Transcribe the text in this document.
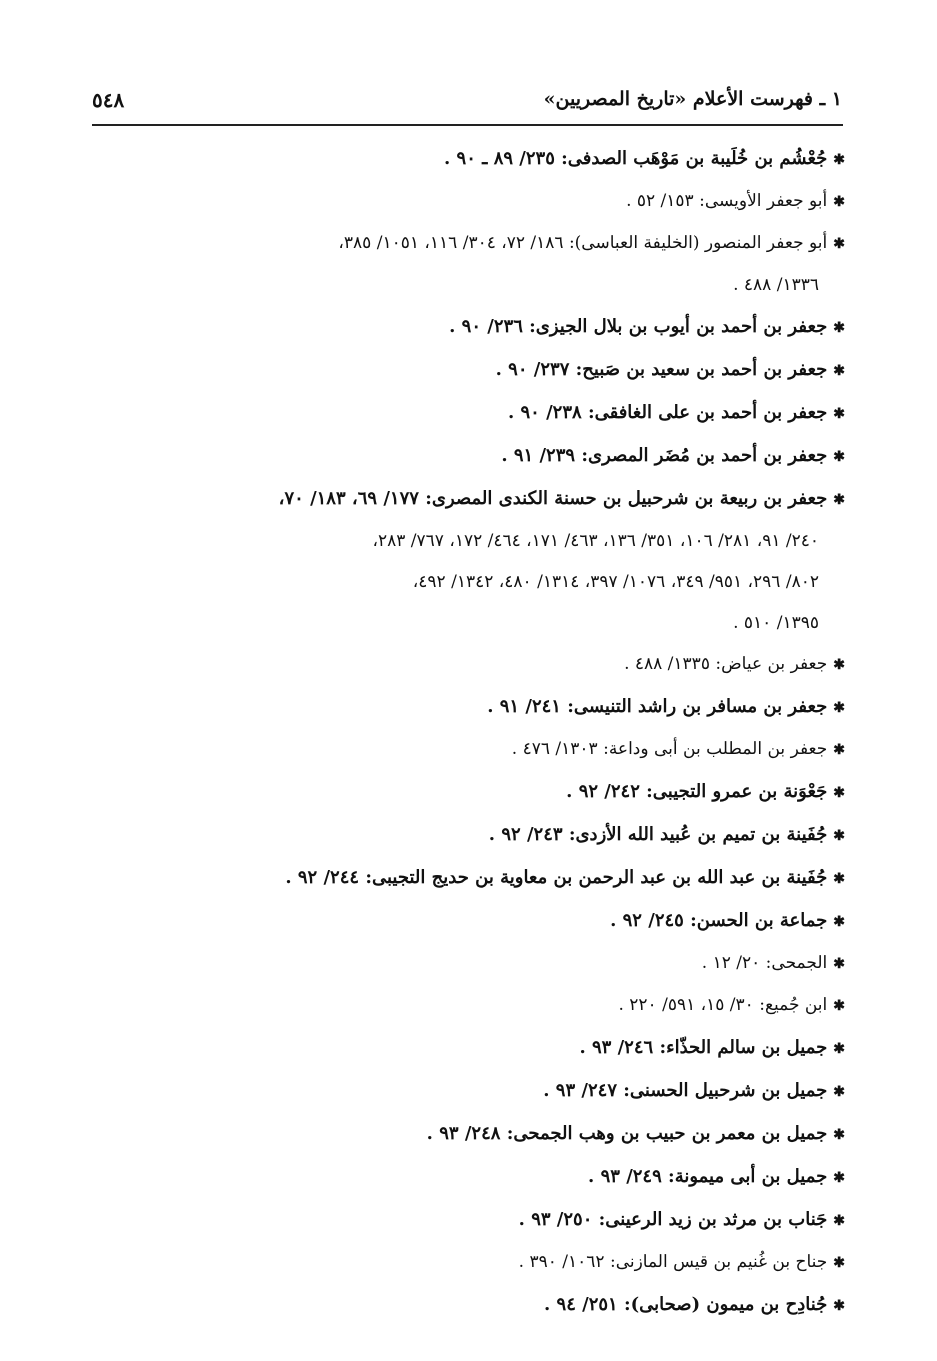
١ ـ فهرست الأعلام «تاريخ المصريين»
٥٤٨
✱جُعْشُم بن خُلَيبة بن مَوْهَب الصدفى: ٢٣٥/ ٨٩ ـ ٩٠ .
✱أبو جعفر الأويسى: ١٥٣/ ٥٢ .
✱أبو جعفر المنصور (الخليفة العباسى): ١٨٦/ ٧٢، ٣٠٤/ ١١٦، ١٠٥١/ ٣٨٥،
١٣٣٦/ ٤٨٨ .
✱جعفر بن أحمد بن أيوب بن بلال الجيزى: ٢٣٦/ ٩٠ .
✱جعفر بن أحمد بن سعيد بن صَبيح: ٢٣٧/ ٩٠ .
✱جعفر بن أحمد بن على الغافقى: ٢٣٨/ ٩٠ .
✱جعفر بن أحمد بن مُضَر المصرى: ٢٣٩/ ٩١ .
✱جعفر بن ربيعة بن شرحبيل بن حسنة الكندى المصرى: ١٧٧/ ٦٩، ١٨٣/ ٧٠،
٢٤٠/ ٩١، ٢٨١/ ١٠٦، ٣٥١/ ١٣٦، ٤٦٣/ ١٧١، ٤٦٤/ ١٧٢، ٧٦٧/ ٢٨٣،
٨٠٢/ ٢٩٦، ٩٥١/ ٣٤٩، ١٠٧٦/ ٣٩٧، ١٣١٤/ ٤٨٠، ١٣٤٢/ ٤٩٢،
١٣٩٥/ ٥١٠ .
✱جعفر بن عياض: ١٣٣٥/ ٤٨٨ .
✱جعفر بن مسافر بن راشد التنيسى: ٢٤١/ ٩١ .
✱جعفر بن المطلب بن أبى وداعة: ١٣٠٣/ ٤٧٦ .
✱جَعْوَنة بن عمرو التجيبى: ٢٤٢/ ٩٢ .
✱جُفَينة بن تميم بن عُبيد الله الأزدى: ٢٤٣/ ٩٢ .
✱جُفَينة بن عبد الله بن عبد الرحمن بن معاوية بن حديج التجيبى: ٢٤٤/ ٩٢ .
✱جماعة بن الحسن: ٢٤٥/ ٩٢ .
✱الجمحى: ٢٠/ ١٢ .
✱ابن جُميع: ٣٠/ ١٥، ٥٩١/ ٢٢٠ .
✱جميل بن سالم الحذّاء: ٢٤٦/ ٩٣ .
✱جميل بن شرحبيل الحسنى: ٢٤٧/ ٩٣ .
✱جميل بن معمر بن حبيب بن وهب الجمحى: ٢٤٨/ ٩٣ .
✱جميل بن أبى ميمونة: ٢٤٩/ ٩٣ .
✱جَناب بن مرثد بن زيد الرعينى: ٢٥٠/ ٩٣ .
✱جناح بن غُنيم بن قيس المازنى: ١٠٦٢/ ٣٩٠ .
✱جُنادِح بن ميمون (صحابى): ٢٥١/ ٩٤ .
